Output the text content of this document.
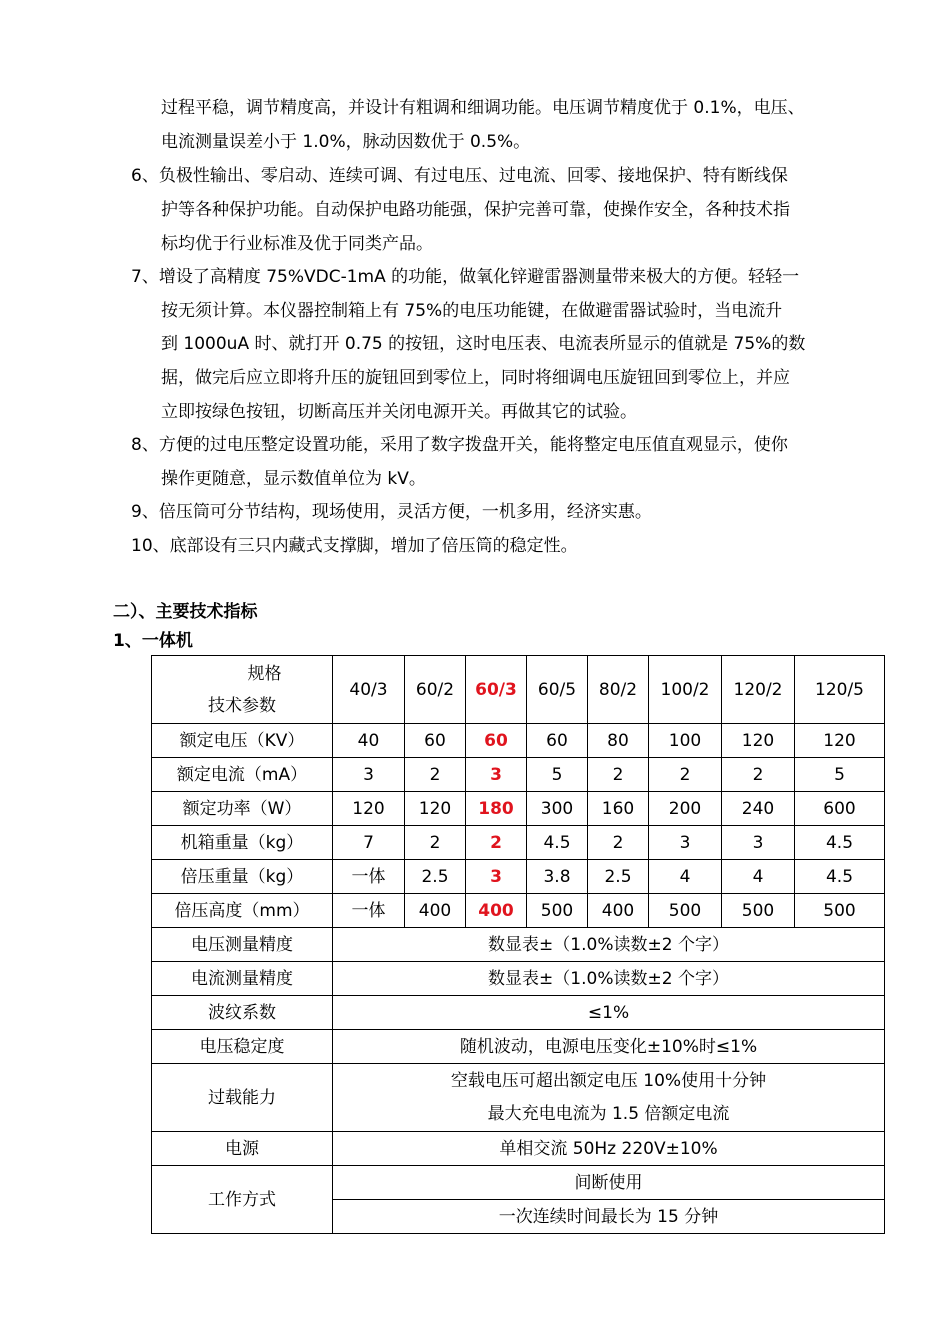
过程平稳，调节精度高，并设计有粗调和细调功能。电压调节精度优于 0.1%，电压、
电流测量误差小于 1.0%，脉动因数优于 0.5%。
6、负极性输出、零启动、连续可调、有过电压、过电流、回零、接地保护、特有断线保
护等各种保护功能。自动保护电路功能强，保护完善可靠，使操作安全，各种技术指
标均优于行业标准及优于同类产品。
7、增设了高精度 75%VDC-1mA 的功能，做氧化锌避雷器测量带来极大的方便。轻轻一
按无须计算。本仪器控制箱上有 75%的电压功能键，在做避雷器试验时，当电流升
到 1000uA 时、就打开 0.75 的按钮，这时电压表、电流表所显示的值就是 75%的数
据，做完后应立即将升压的旋钮回到零位上，同时将细调电压旋钮回到零位上，并应
立即按绿色按钮，切断高压并关闭电源开关。再做其它的试验。
8、方便的过电压整定设置功能，采用了数字拨盘开关，能将整定电压值直观显示，使你
操作更随意，显示数值单位为 kV。
9、倍压筒可分节结构，现场使用，灵活方便，一机多用，经济实惠。
10、底部设有三只内藏式支撑脚，增加了倍压筒的稳定性。
二）、主要技术指标
1、一体机
规格
技术参数	40/3	60/2	60/3	60/5	80/2	100/2	120/2	120/5
额定电压（KV）	40	60	60	60	80	100	120	120
额定电流（mA）	3	2	3	5	2	2	2	5
额定功率（W）	120	120	180	300	160	200	240	600
机箱重量（kg）	7	2	2	4.5	2	3	3	4.5
倍压重量（kg）	一体	2.5	3	3.8	2.5	4	4	4.5
倍压高度（mm）	一体	400	400	500	400	500	500	500
电压测量精度	数显表±（1.0%读数±2 个字）							
电流测量精度	数显表±（1.0%读数±2 个字）							
波纹系数	≤1%							
电压稳定度	随机波动，电源电压变化±10%时≤1%							
过载能力	空载电压可超出额定电压 10%使用十分钟
最大充电电流为 1.5 倍额定电流							

电源	单相交流 50Hz 220V±10%							
工作方式	间断使用							
	一次连续时间最长为 15 分钟							
